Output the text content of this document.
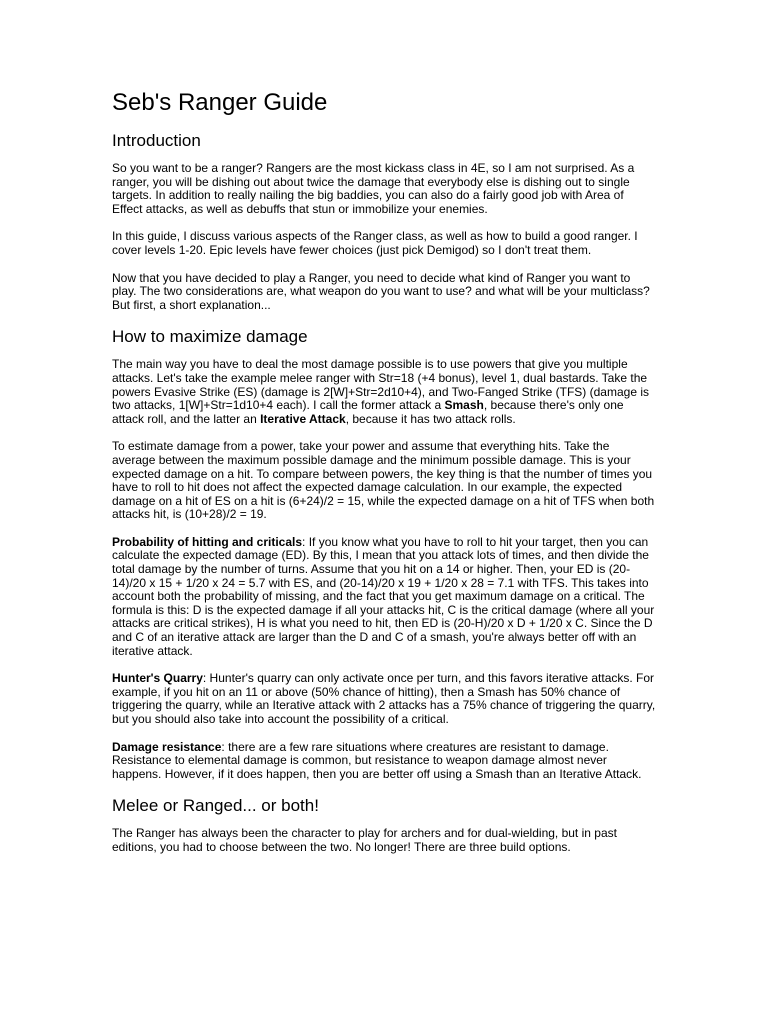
Seb's Ranger Guide
Introduction

So you want to be a ranger? Rangers are the most kickass class in 4E, so I am not surprised. As a ranger, you will be dishing out about twice the damage that everybody else is dishing out to single targets. In addition to really nailing the big baddies, you can also do a fairly good job with Area of Effect attacks, as well as debuffs that stun or immobilize your enemies.

In this guide, I discuss various aspects of the Ranger class, as well as how to build a good ranger. I cover levels 1-20. Epic levels have fewer choices (just pick Demigod) so I don't treat them.

Now that you have decided to play a Ranger, you need to decide what kind of Ranger you want to play. The two considerations are, what weapon do you want to use? and what will be your multiclass? But first, a short explanation...

How to maximize damage

The main way you have to deal the most damage possible is to use powers that give you multiple attacks. Let's take the example melee ranger with Str=18 (+4 bonus), level 1, dual bastards. Take the powers Evasive Strike (ES) (damage is 2[W]+Str=2d10+4), and Two-Fanged Strike (TFS) (damage is two attacks, 1[W]+Str=1d10+4 each). I call the former attack a Smash, because there's only one attack roll, and the latter an Iterative Attack, because it has two attack rolls.

To estimate damage from a power, take your power and assume that everything hits. Take the average between the maximum possible damage and the minimum possible damage. This is your expected damage on a hit. To compare between powers, the key thing is that the number of times you have to roll to hit does not affect the expected damage calculation. In our example, the expected damage on a hit of ES on a hit is (6+24)/2 = 15, while the expected damage on a hit of TFS when both attacks hit, is (10+28)/2 = 19.

Probability of hitting and criticals: If you know what you have to roll to hit your target, then you can calculate the expected damage (ED). By this, I mean that you attack lots of times, and then divide the total damage by the number of turns. Assume that you hit on a 14 or higher. Then, your ED is (20-14)/20 x 15 + 1/20 x 24 = 5.7 with ES, and (20-14)/20 x 19 + 1/20 x 28 = 7.1 with TFS. This takes into account both the probability of missing, and the fact that you get maximum damage on a critical. The formula is this: D is the expected damage if all your attacks hit, C is the critical damage (where all your attacks are critical strikes), H is what you need to hit, then ED is (20-H)/20 x D + 1/20 x C. Since the D and C of an iterative attack are larger than the D and C of a smash, you're always better off with an iterative attack.

Hunter's Quarry: Hunter's quarry can only activate once per turn, and this favors iterative attacks. For example, if you hit on an 11 or above (50% chance of hitting), then a Smash has 50% chance of triggering the quarry, while an Iterative attack with 2 attacks has a 75% chance of triggering the quarry, but you should also take into account the possibility of a critical.

Damage resistance: there are a few rare situations where creatures are resistant to damage. Resistance to elemental damage is common, but resistance to weapon damage almost never happens. However, if it does happen, then you are better off using a Smash than an Iterative Attack.

Melee or Ranged... or both!

The Ranger has always been the character to play for archers and for dual-wielding, but in past editions, you had to choose between the two. No longer! There are three build options.
